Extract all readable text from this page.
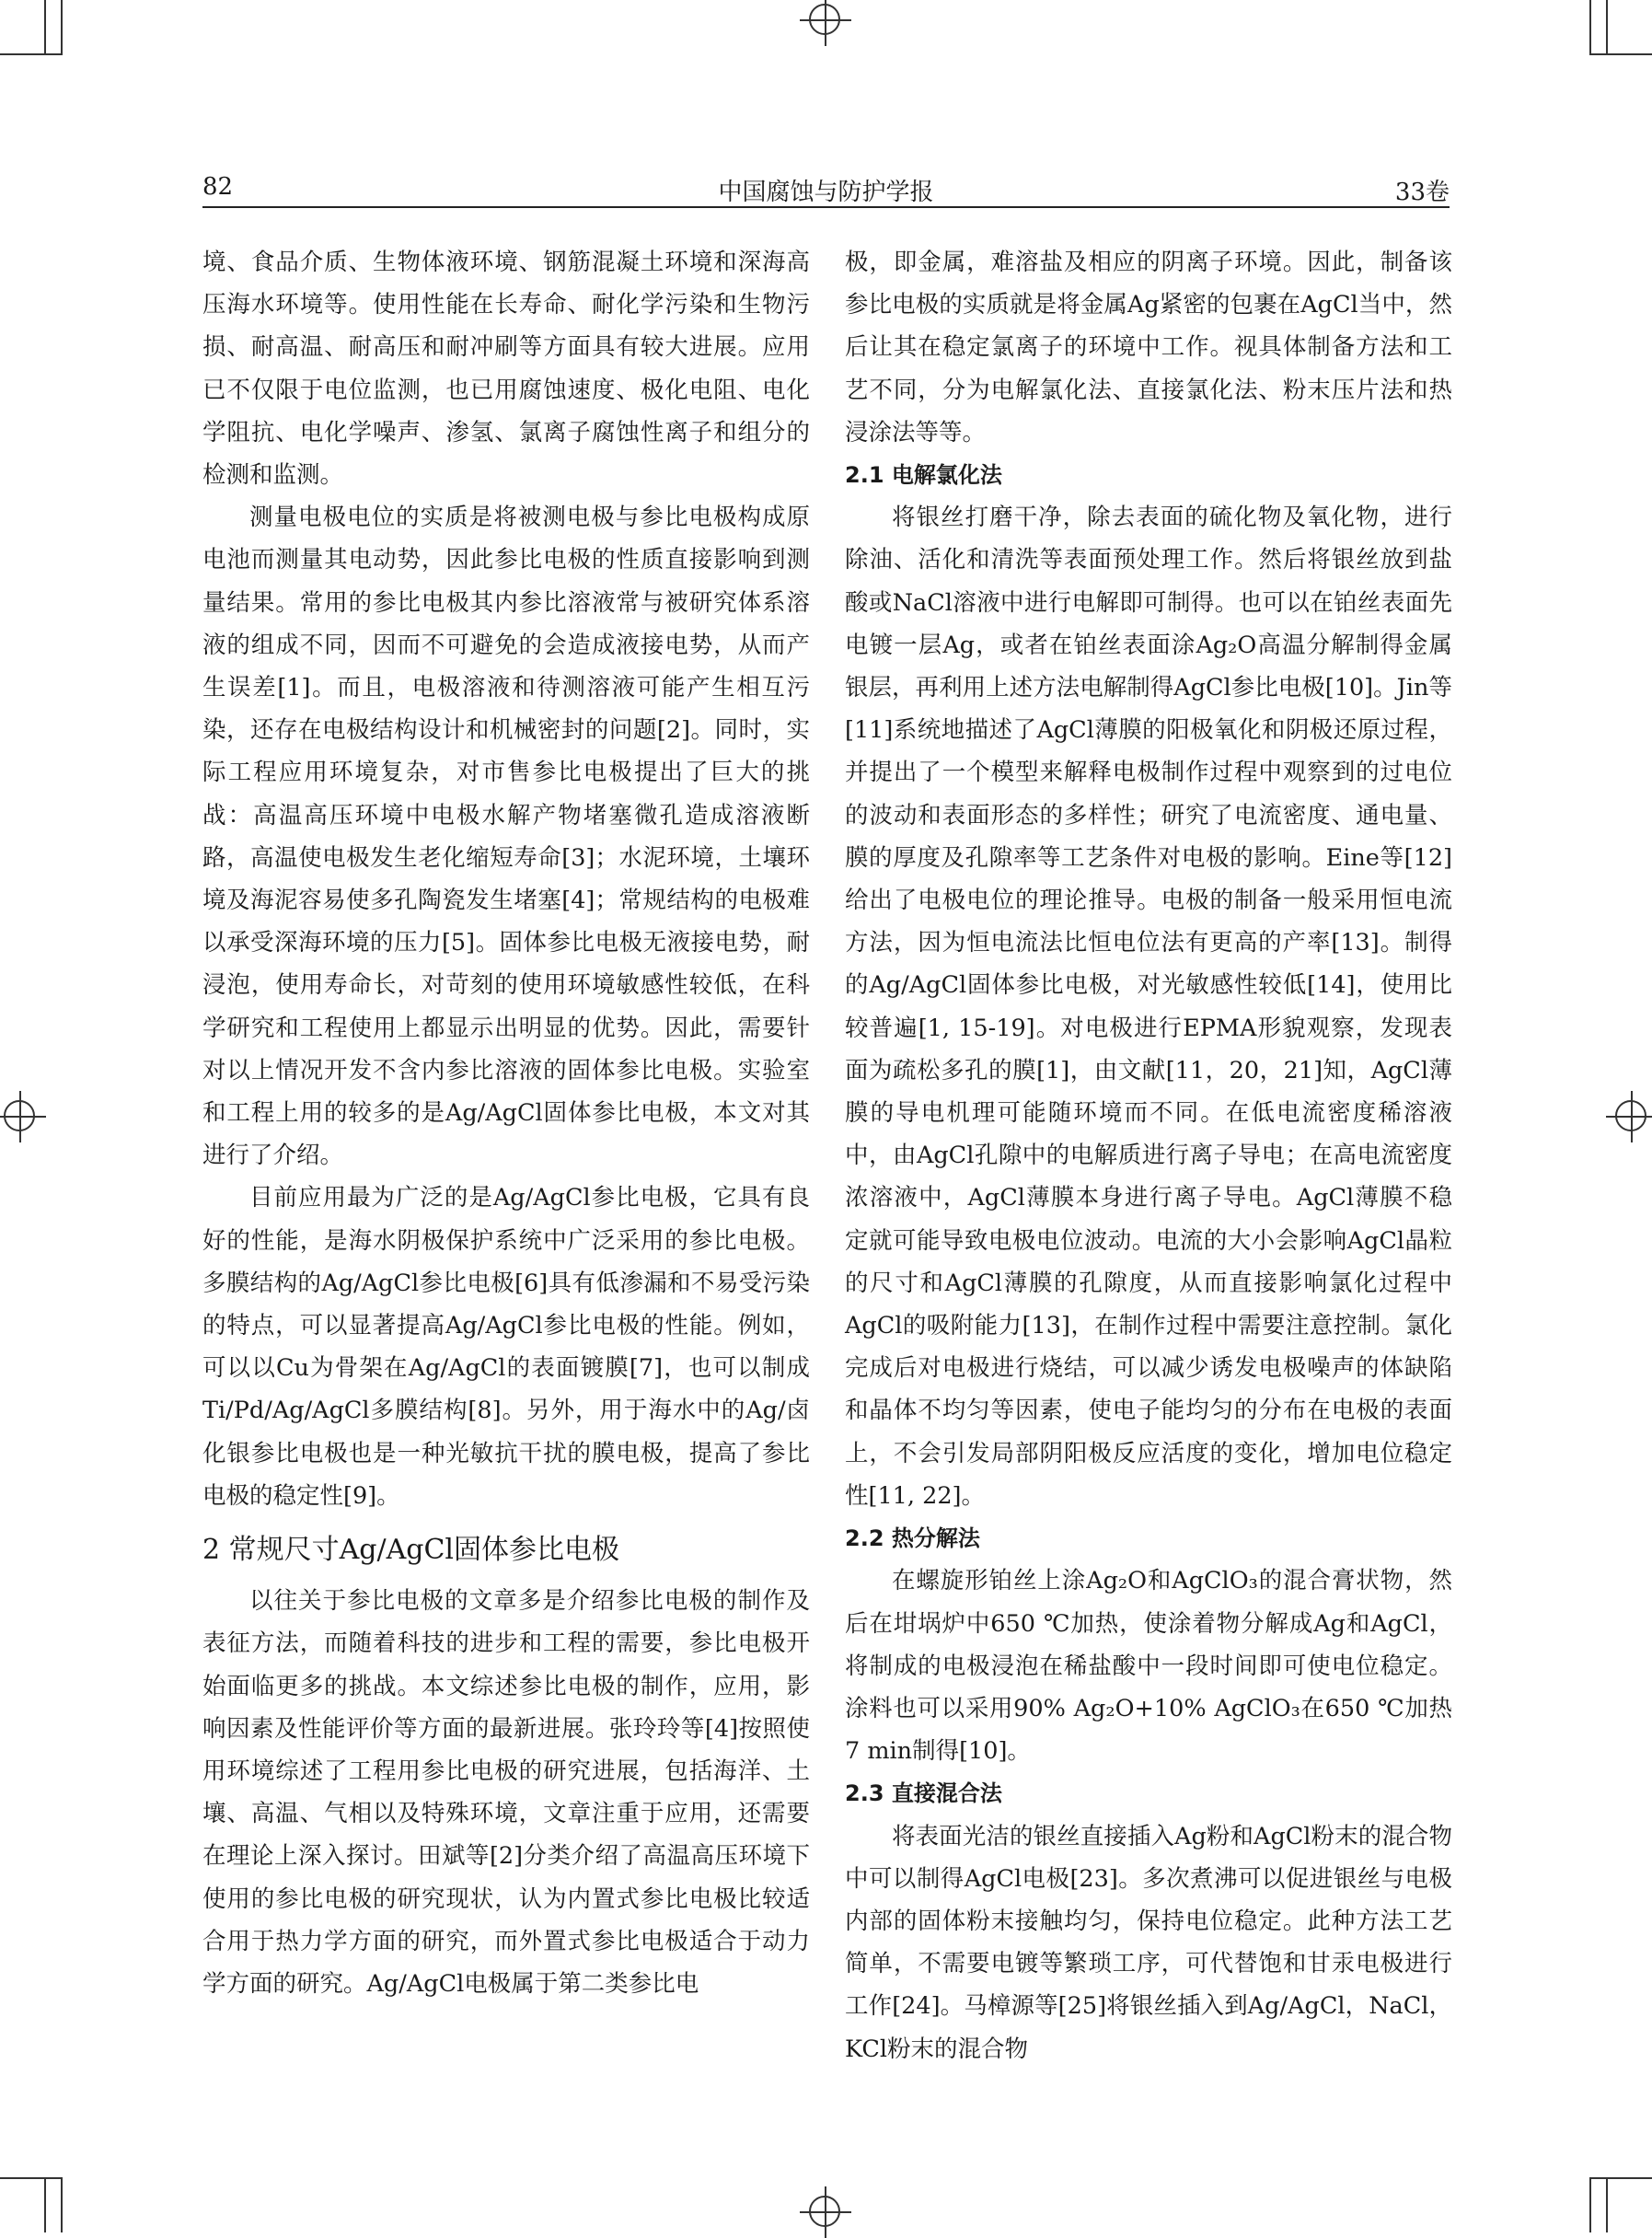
82	中国腐蚀与防护学报	33卷

境、食品介质、生物体液环境、钢筋混凝土环境和深海高压海水环境等。使用性能在长寿命、耐化学污染和生物污损、耐高温、耐高压和耐冲刷等方面具有较大进展。应用已不仅限于电位监测，也已用腐蚀速度、极化电阻、电化学阻抗、电化学噪声、渗氢、氯离子腐蚀性离子和组分的检测和监测。

测量电极电位的实质是将被测电极与参比电极构成原电池而测量其电动势，因此参比电极的性质直接影响到测量结果。常用的参比电极其内参比溶液常与被研究体系溶液的组成不同，因而不可避免的会造成液接电势，从而产生误差[1]。而且，电极溶液和待测溶液可能产生相互污染，还存在电极结构设计和机械密封的问题[2]。同时，实际工程应用环境复杂，对市售参比电极提出了巨大的挑战：高温高压环境中电极水解产物堵塞微孔造成溶液断路，高温使电极发生老化缩短寿命[3]；水泥环境，土壤环境及海泥容易使多孔陶瓷发生堵塞[4]；常规结构的电极难以承受深海环境的压力[5]。固体参比电极无液接电势，耐浸泡，使用寿命长，对苛刻的使用环境敏感性较低，在科学研究和工程使用上都显示出明显的优势。因此，需要针对以上情况开发不含内参比溶液的固体参比电极。实验室和工程上用的较多的是Ag/AgCl固体参比电极，本文对其进行了介绍。

目前应用最为广泛的是Ag/AgCl参比电极，它具有良好的性能，是海水阴极保护系统中广泛采用的参比电极。多膜结构的Ag/AgCl参比电极[6]具有低渗漏和不易受污染的特点，可以显著提高Ag/AgCl参比电极的性能。例如，可以以Cu为骨架在Ag/AgCl的表面镀膜[7]，也可以制成Ti/Pd/Ag/AgCl多膜结构[8]。另外，用于海水中的Ag/卤化银参比电极也是一种光敏抗干扰的膜电极，提高了参比电极的稳定性[9]。

2 常规尺寸Ag/AgCl固体参比电极

以往关于参比电极的文章多是介绍参比电极的制作及表征方法，而随着科技的进步和工程的需要，参比电极开始面临更多的挑战。本文综述参比电极的制作，应用，影响因素及性能评价等方面的最新进展。张玲玲等[4]按照使用环境综述了工程用参比电极的研究进展，包括海洋、土壤、高温、气相以及特殊环境，文章注重于应用，还需要在理论上深入探讨。田斌等[2]分类介绍了高温高压环境下使用的参比电极的研究现状，认为内置式参比电极比较适合用于热力学方面的研究，而外置式参比电极适合于动力学方面的研究。Ag/AgCl电极属于第二类参比电

极，即金属，难溶盐及相应的阴离子环境。因此，制备该参比电极的实质就是将金属Ag紧密的包裹在AgCl当中，然后让其在稳定氯离子的环境中工作。视具体制备方法和工艺不同，分为电解氯化法、直接氯化法、粉末压片法和热浸涂法等等。

2.1 电解氯化法

将银丝打磨干净，除去表面的硫化物及氧化物，进行除油、活化和清洗等表面预处理工作。然后将银丝放到盐酸或NaCl溶液中进行电解即可制得。也可以在铂丝表面先电镀一层Ag，或者在铂丝表面涂Ag₂O高温分解制得金属银层，再利用上述方法电解制得AgCl参比电极[10]。Jin等[11]系统地描述了AgCl薄膜的阳极氧化和阴极还原过程，并提出了一个模型来解释电极制作过程中观察到的过电位的波动和表面形态的多样性；研究了电流密度、通电量、膜的厚度及孔隙率等工艺条件对电极的影响。Eine等[12]给出了电极电位的理论推导。电极的制备一般采用恒电流方法，因为恒电流法比恒电位法有更高的产率[13]。制得的Ag/AgCl固体参比电极，对光敏感性较低[14]，使用比较普遍[1, 15-19]。对电极进行EPMA形貌观察，发现表面为疏松多孔的膜[1]，由文献[11，20，21]知，AgCl薄膜的导电机理可能随环境而不同。在低电流密度稀溶液中，由AgCl孔隙中的电解质进行离子导电；在高电流密度浓溶液中，AgCl薄膜本身进行离子导电。AgCl薄膜不稳定就可能导致电极电位波动。电流的大小会影响AgCl晶粒的尺寸和AgCl薄膜的孔隙度，从而直接影响氯化过程中AgCl的吸附能力[13]，在制作过程中需要注意控制。氯化完成后对电极进行烧结，可以减少诱发电极噪声的体缺陷和晶体不均匀等因素，使电子能均匀的分布在电极的表面上，不会引发局部阴阳极反应活度的变化，增加电位稳定性[11, 22]。

2.2 热分解法

在螺旋形铂丝上涂Ag₂O和AgClO₃的混合膏状物，然后在坩埚炉中650 ℃加热，使涂着物分解成Ag和AgCl，将制成的电极浸泡在稀盐酸中一段时间即可使电位稳定。涂料也可以采用90% Ag₂O+10% AgClO₃在650 ℃加热7 min制得[10]。

2.3 直接混合法

将表面光洁的银丝直接插入Ag粉和AgCl粉末的混合物中可以制得AgCl电极[23]。多次煮沸可以促进银丝与电极内部的固体粉末接触均匀，保持电位稳定。此种方法工艺简单，不需要电镀等繁琐工序，可代替饱和甘汞电极进行工作[24]。马樟源等[25]将银丝插入到Ag/AgCl，NaCl，KCl粉末的混合物
